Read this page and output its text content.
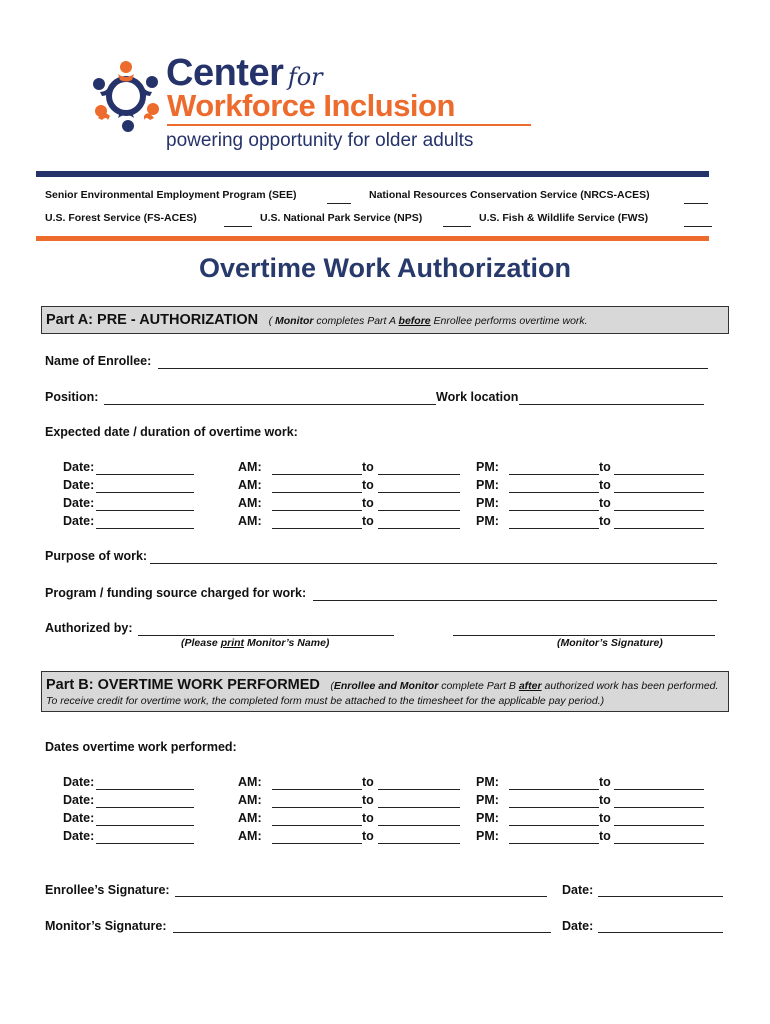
Center for
Workforce Inclusion
powering opportunity for older adults
Senior Environmental Employment Program (SEE)	National Resources Conservation Service (NRCS-ACES)
U.S. Forest Service (FS-ACES)	U.S. National Park Service (NPS)	U.S. Fish & Wildlife Service (FWS)
Overtime Work Authorization
Part A: PRE - AUTHORIZATION ( Monitor completes Part A before Enrollee performs overtime work.
Name of Enrollee:
Position:	Work location
Expected date / duration of overtime work:
Date:	AM:	to	PM:	to
Date:	AM:	to	PM:	to
Date:	AM:	to	PM:	to
Date:	AM:	to	PM:	to
Purpose of work:
Program / funding source charged for work:
Authorized by:
(Please print Monitor’s Name)	(Monitor’s Signature)
Part B: OVERTIME WORK PERFORMED (Enrollee and Monitor complete Part B after authorized work has been performed.
To receive credit for overtime work, the completed form must be attached to the timesheet for the applicable pay period.)
Dates overtime work performed:
Date:	AM:	to	PM:	to
Date:	AM:	to	PM:	to
Date:	AM:	to	PM:	to
Date:	AM:	to	PM:	to
Enrollee’s Signature:	Date:
Monitor’s Signature:	Date:
